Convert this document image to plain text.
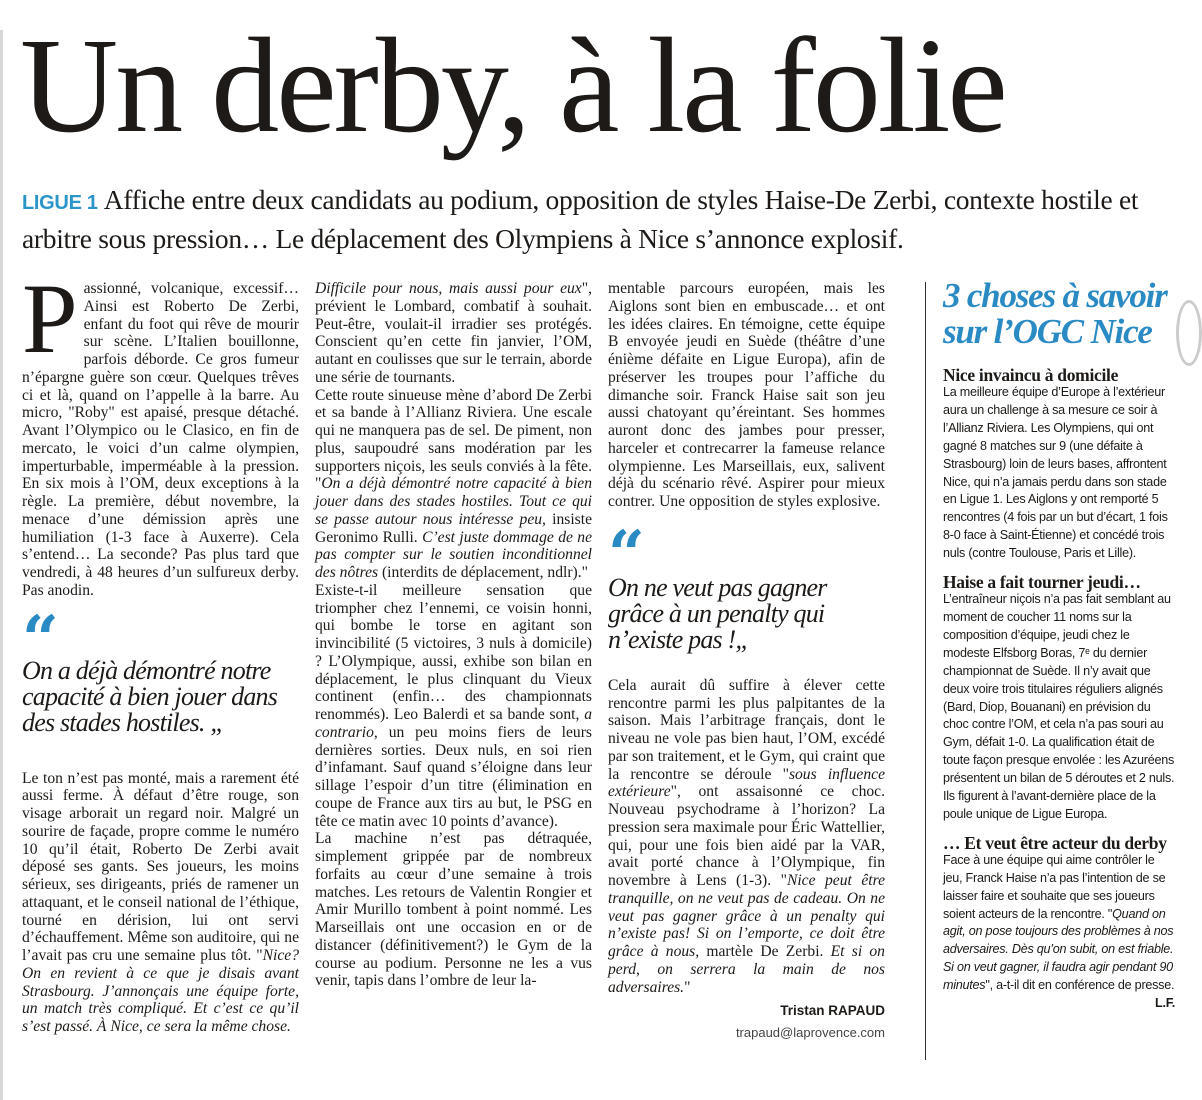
Un derby, à la folie

LIGUE 1 Affiche entre deux candidats au podium, opposition de styles Haise-De Zerbi, contexte hostile et arbitre sous pression… Le déplacement des Olympiens à Nice s’annonce explosif.

Passionné, volcanique, excessif… Ainsi est Roberto De Zerbi, enfant du foot qui rêve de mourir sur scène. L’Italien bouillonne, parfois déborde. Ce gros fumeur n’épargne guère son cœur. Quelques trêves ci et là, quand on l’appelle à la barre. Au micro, "Roby" est apaisé, presque détaché. Avant l’Olympico ou le Clasico, en fin de mercato, le voici d’un calme olympien, imperturbable, imperméable à la pression. En six mois à l’OM, deux exceptions à la règle. La première, début novembre, la menace d’une démission après une humiliation (1-3 face à Auxerre). Cela s’entend… La seconde? Pas plus tard que vendredi, à 48 heures d’un sulfureux derby. Pas anodin.

“
On a déjà démontré notre capacité à bien jouer dans des stades hostiles. „

Le ton n’est pas monté, mais a rarement été aussi ferme. À défaut d’être rouge, son visage arborait un regard noir. Malgré un sourire de façade, propre comme le numéro 10 qu’il était, Roberto De Zerbi avait déposé ses gants. Ses joueurs, les moins sérieux, ses dirigeants, priés de ramener un attaquant, et le conseil national de l’éthique, tourné en dérision, lui ont servi d’échauffement. Même son auditoire, qui ne l’avait pas cru une semaine plus tôt. "Nice? On en revient à ce que je disais avant Strasbourg. J’annonçais une équipe forte, un match très compliqué. Et c’est ce qu’il s’est passé. À Nice, ce sera la même chose.

Difficile pour nous, mais aussi pour eux", prévient le Lombard, combatif à souhait. Peut-être, voulait-il irradier ses protégés. Conscient qu’en cette fin janvier, l’OM, autant en coulisses que sur le terrain, aborde une série de tournants.

Cette route sinueuse mène d’abord De Zerbi et sa bande à l’Allianz Riviera. Une escale qui ne manquera pas de sel. De piment, non plus, saupoudré sans modération par les supporters niçois, les seuls conviés à la fête. "On a déjà démontré notre capacité à bien jouer dans des stades hostiles. Tout ce qui se passe autour nous intéresse peu, insiste Geronimo Rulli. C’est juste dommage de ne pas compter sur le soutien inconditionnel des nôtres (interdits de déplacement, ndlr)."

Existe-t-il meilleure sensation que triompher chez l’ennemi, ce voisin honni, qui bombe le torse en agitant son invincibilité (5 victoires, 3 nuls à domicile) ? L’Olympique, aussi, exhibe son bilan en déplacement, le plus clinquant du Vieux continent (enfin… des championnats renommés). Leo Balerdi et sa bande sont, a contrario, un peu moins fiers de leurs dernières sorties. Deux nuls, en soi rien d’infamant. Sauf quand s’éloigne dans leur sillage l’espoir d’un titre (élimination en coupe de France aux tirs au but, le PSG en tête ce matin avec 10 points d’avance).

La machine n’est pas détraquée, simplement grippée par de nombreux forfaits au cœur d’une semaine à trois matches. Les retours de Valentin Rongier et Amir Murillo tombent à point nommé. Les Marseillais ont une occasion en or de distancer (définitivement?) le Gym de la course au podium. Personne ne les a vus venir, tapis dans l’ombre de leur la-

mentable parcours européen, mais les Aiglons sont bien en embuscade… et ont les idées claires. En témoigne, cette équipe B envoyée jeudi en Suède (théâtre d’une énième défaite en Ligue Europa), afin de préserver les troupes pour l’affiche du dimanche soir. Franck Haise sait son jeu aussi chatoyant qu’éreintant. Ses hommes auront donc des jambes pour presser, harceler et contrecarrer la fameuse relance olympienne. Les Marseillais, eux, salivent déjà du scénario rêvé. Aspirer pour mieux contrer. Une opposition de styles explosive.

“
On ne veut pas gagner grâce à un penalty qui n’existe pas !„

Cela aurait dû suffire à élever cette rencontre parmi les plus palpitantes de la saison. Mais l’arbitrage français, dont le niveau ne vole pas bien haut, l’OM, excédé par son traitement, et le Gym, qui craint que la rencontre se déroule "sous influence extérieure", ont assaisonné ce choc. Nouveau psychodrame à l’horizon? La pression sera maximale pour Éric Wattellier, qui, pour une fois bien aidé par la VAR, avait porté chance à l’Olympique, fin novembre à Lens (1-3). "Nice peut être tranquille, on ne veut pas de cadeau. On ne veut pas gagner grâce à un penalty qui n’existe pas! Si on l’emporte, ce doit être grâce à nous, martèle De Zerbi. Et si on perd, on serrera la main de nos adversaires."

Tristan RAPAUD
trapaud@laprovence.com
3 choses à savoir sur l’OGC Nice
Nice invaincu à domicile

La meilleure équipe d’Europe à l’extérieur aura un challenge à sa mesure ce soir à l’Allianz Riviera. Les Olympiens, qui ont gagné 8 matches sur 9 (une défaite à Strasbourg) loin de leurs bases, affrontent Nice, qui n’a jamais perdu dans son stade en Ligue 1. Les Aiglons y ont remporté 5 rencontres (4 fois par un but d’écart, 1 fois 8-0 face à Saint-Étienne) et concédé trois nuls (contre Toulouse, Paris et Lille).

Haise a fait tourner jeudi…

L’entraîneur niçois n’a pas fait semblant au moment de coucher 11 noms sur la composition d’équipe, jeudi chez le modeste Elfsborg Boras, 7ᵉ du dernier championnat de Suède. Il n’y avait que deux voire trois titulaires réguliers alignés (Bard, Diop, Bouanani) en prévision du choc contre l’OM, et cela n’a pas souri au Gym, défait 1-0. La qualification était de toute façon presque envolée : les Azuréens présentent un bilan de 5 déroutes et 2 nuls. Ils figurent à l’avant-dernière place de la poule unique de Ligue Europa.

… Et veut être acteur du derby

Face à une équipe qui aime contrôler le jeu, Franck Haise n’a pas l’intention de se laisser faire et souhaite que ses joueurs soient acteurs de la rencontre. "Quand on agit, on pose toujours des problèmes à nos adversaires. Dès qu’on subit, on est friable. Si on veut gagner, il faudra agir pendant 90 minutes", a-t-il dit en conférence de presse.
L.F.
